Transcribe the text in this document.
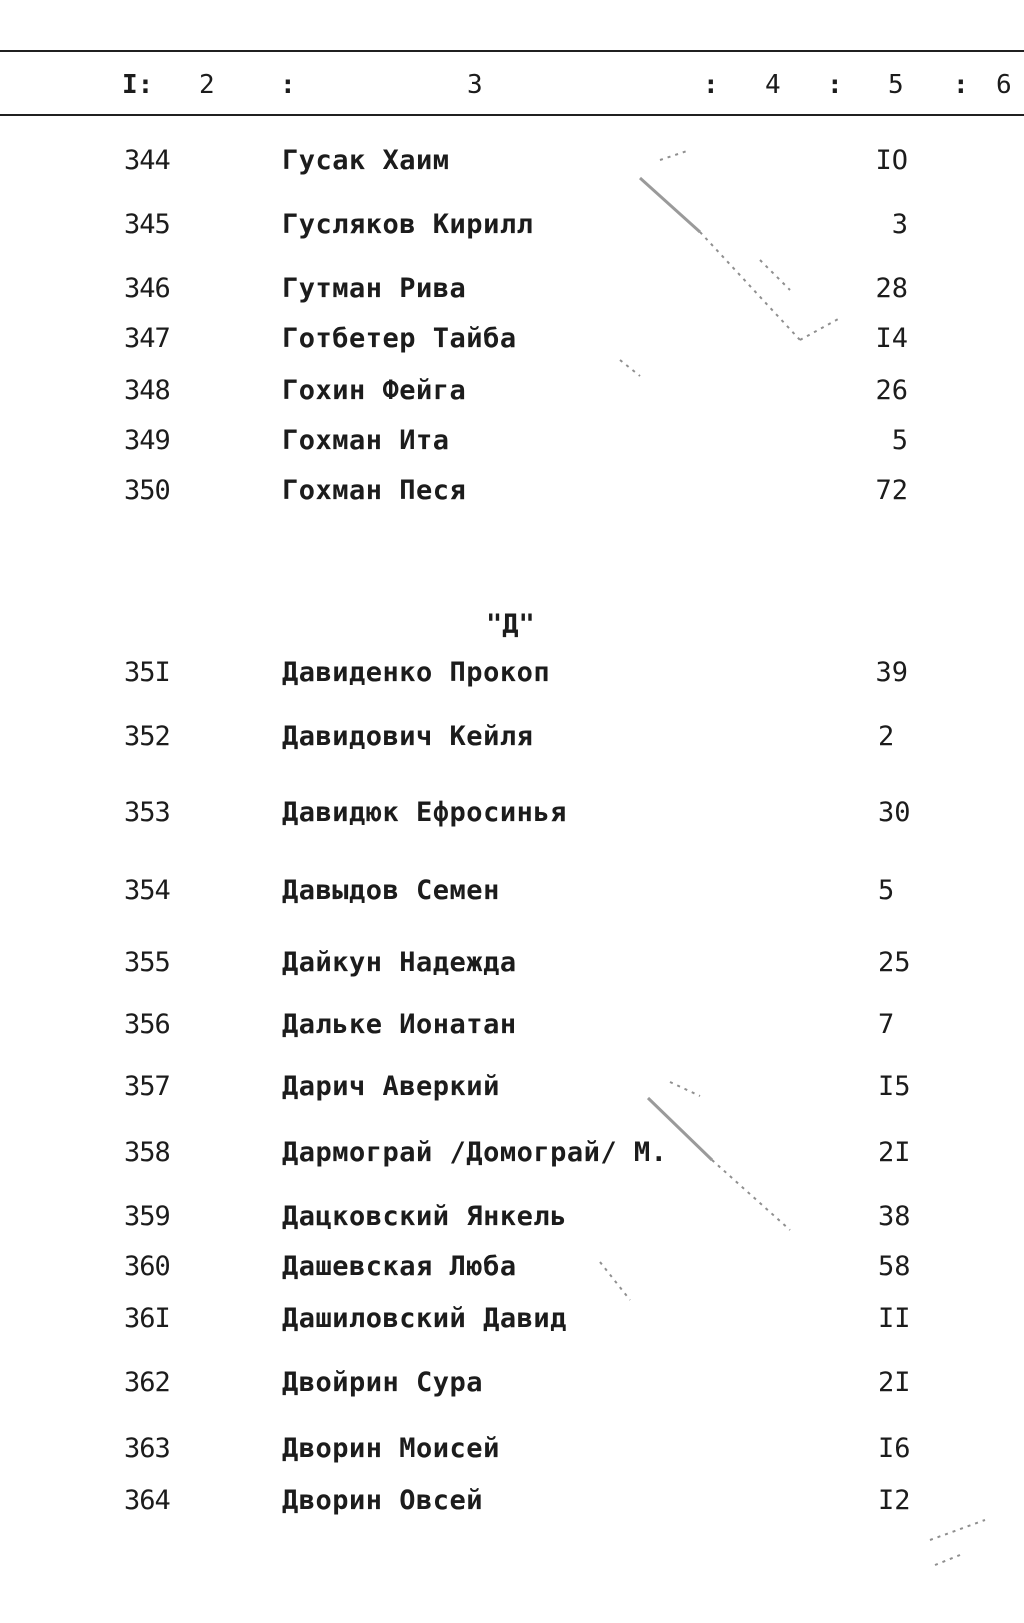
I: 2	:	3	: 4 : 5 : 6
344	Гусак Хаим	IO
345	Гусляков Кирилл	3
346	Гутман Рива	28
347	Готбетер Тайба	I4
348	Гохин Фейга	26
349	Гохман Ита	5
350	Гохман Песя	72
"Д"
35I	Давиденко Прокоп	39
352	Давидович Кейля	2
353	Давидюк Ефросинья	30
354	Давыдов Семен	5
355	Дайкун Надежда	25
356	Дальке Ионатан	7
357	Дарич Аверкий	I5
358	Дармограй /Домограй/ М.	2I
359	Дацковский Янкель	38
360	Дашевская Люба	58
36I	Дашиловский Давид	II
362	Двойрин Сура	2I
363	Дворин Моисей	I6
364	Дворин Овсей	I2
